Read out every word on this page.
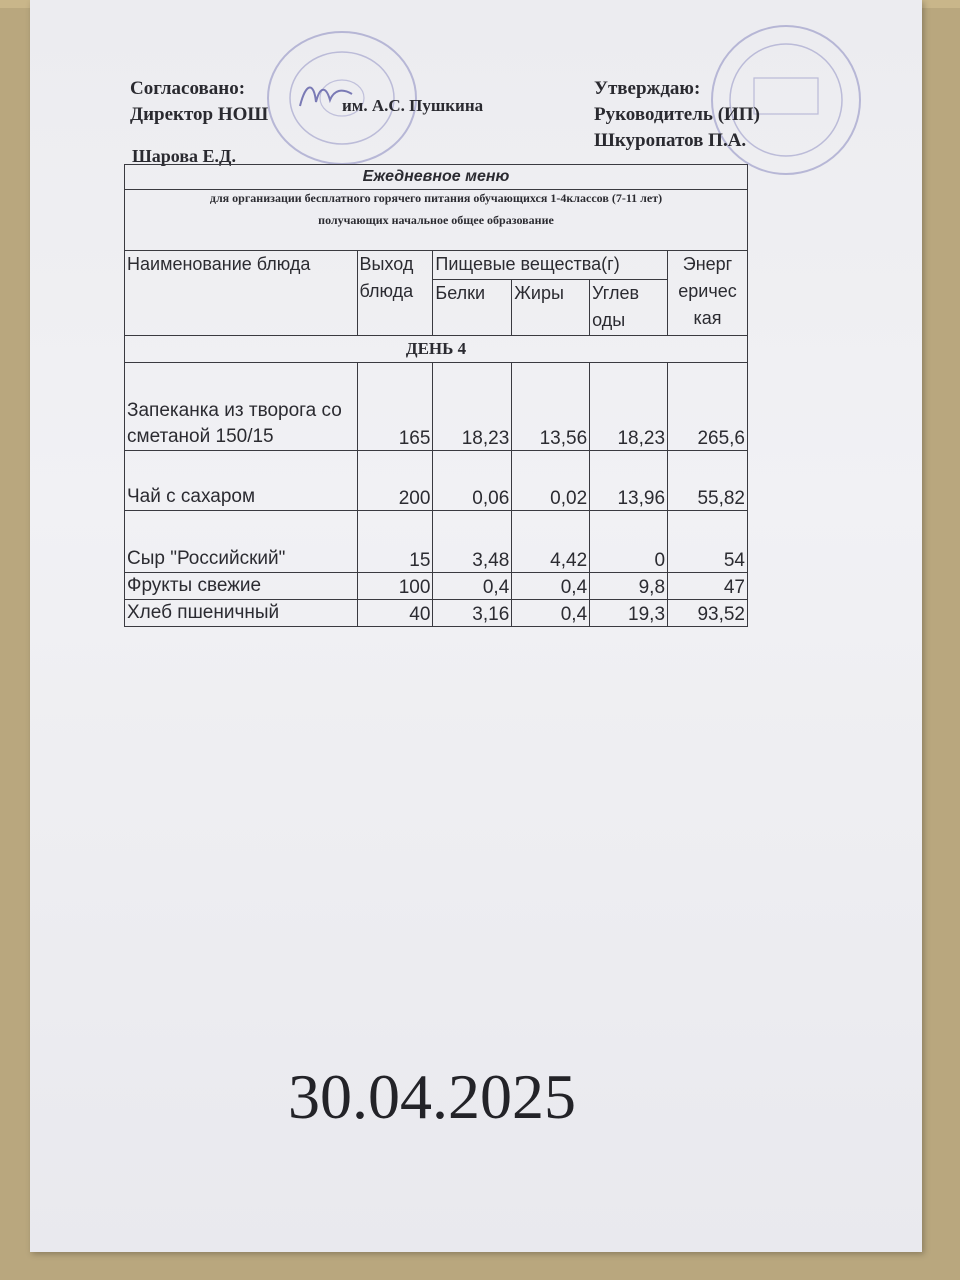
Согласовано:
Директор НОШ	им. А.С. Пушкина
Шарова Е.Д.
Утверждаю:
Руководитель (ИП)
Шкуропатов П.А.
Ежедневное меню					

для организации бесплатного горячего питания обучающихся 1-4классов (7-11 лет)
получающих начальное общее образование					

Наименование блюда	Выход блюда	Пищевые вещества(г)			Энерг еричес кая
		Белки	Жиры	Углев оды	
ДЕНЬ 4					
Запеканка из творога со сметаной 150/15	165	18,23	13,56	18,23	265,6
Чай с сахаром	200	0,06	0,02	13,96	55,82
Сыр "Российский"	15	3,48	4,42	0	54
Фрукты свежие	100	0,4	0,4	9,8	47
Хлеб пшеничный	40	3,16	0,4	19,3	93,52
30.04.2025
